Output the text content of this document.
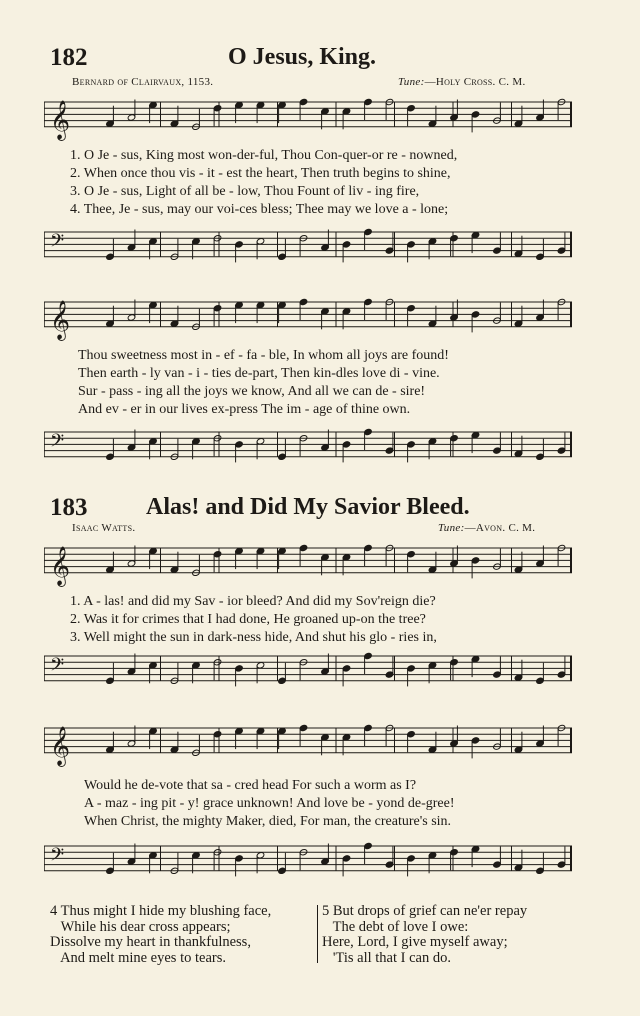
182	O Jesus, King.
Bernard of Clairvaux, 1153.	Tune:—Holy Cross. C. M.
𝄞
1. O Je - sus, King most won-der-ful, Thou Con-quer-or re - nowned,
2. When once thou vis - it - est the heart, Then truth begins to shine,
3. O Je - sus, Light of all be - low, Thou Fount of liv - ing fire,
4. Thee, Je - sus, may our voi-ces bless; Thee may we love a - lone;
𝄢
𝄞
Thou sweetness most in - ef - fa - ble, In whom all joys are found!
Then earth - ly van - i - ties de-part, Then kin-dles love di - vine.
Sur - pass - ing all the joys we know, And all we can de - sire!
And ev - er in our lives ex-press The im - age of thine own.
𝄢
183 Alas! and Did My Savior Bleed.
Isaac Watts.	Tune:—Avon. C. M.
𝄞
1. A - las! and did my Sav - ior bleed? And did my Sov'reign die?
2. Was it for crimes that I had done, He groaned up-on the tree?
3. Well might the sun in dark-ness hide, And shut his glo - ries in,
𝄢
𝄞
Would he de-vote that sa - cred head For such a worm as I?
A - maz - ing pit - y! grace unknown! And love be - yond de-gree!
When Christ, the mighty Maker, died, For man, the creature's sin.
𝄢
4 Thus might I hide my blushing face,
While his dear cross appears;
Dissolve my heart in thankfulness,
And melt mine eyes to tears.
5 But drops of grief can ne'er repay
The debt of love I owe:
Here, Lord, I give myself away;
'Tis all that I can do.
